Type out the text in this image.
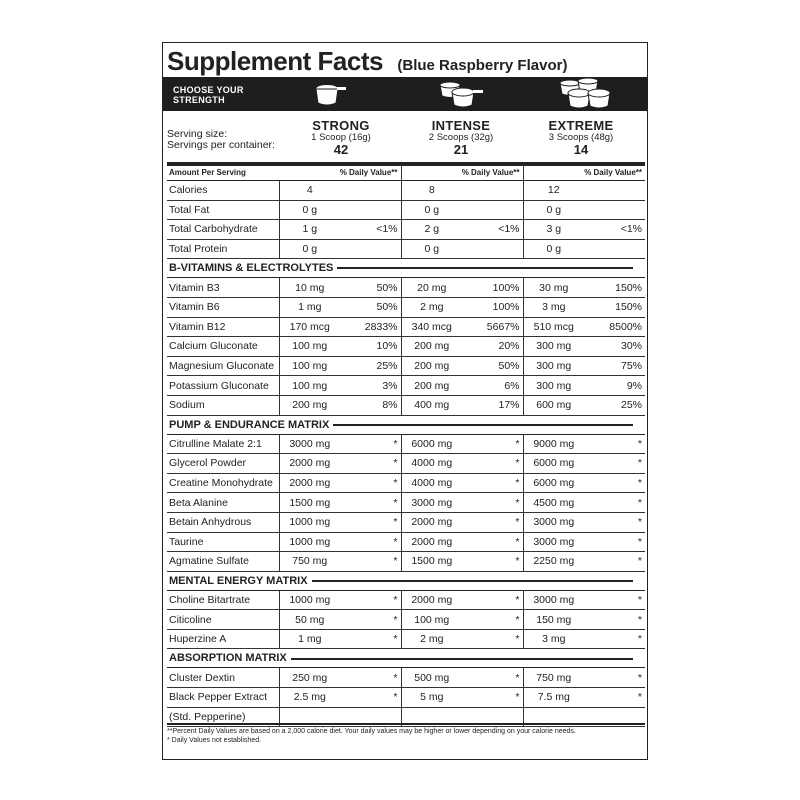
Supplement Facts (Blue Raspberry Flavor)
CHOOSE YOUR
STRENGTH
Serving size:
Servings per container:
STRONG
1 Scoop (16g)
42
INTENSE
2 Scoops (32g)
21
EXTREME
3 Scoops (48g)
14
Amount Per Serving	% Daily Value**		% Daily Value**		% Daily Value**	
Calories	4		8		12	
Total Fat	0 g		0 g		0 g	
Total Carbohydrate	1 g	<1%	2 g	<1%	3 g	<1%
Total Protein	0 g		0 g		0 g	
B-VITAMINS & ELECTROLYTES						
Vitamin B3	10 mg	50%	20 mg	100%	30 mg	150%
Vitamin B6	1 mg	50%	2 mg	100%	3 mg	150%
Vitamin B12	170 mcg	2833%	340 mcg	5667%	510 mcg	8500%
Calcium Gluconate	100 mg	10%	200 mg	20%	300 mg	30%
Magnesium Gluconate	100 mg	25%	200 mg	50%	300 mg	75%
Potassium Gluconate	100 mg	3%	200 mg	6%	300 mg	9%
Sodium	200 mg	8%	400 mg	17%	600 mg	25%
PUMP & ENDURANCE MATRIX						
Citrulline Malate 2:1	3000 mg	*	6000 mg	*	9000 mg	*
Glycerol Powder	2000 mg	*	4000 mg	*	6000 mg	*
Creatine Monohydrate	2000 mg	*	4000 mg	*	6000 mg	*
Beta Alanine	1500 mg	*	3000 mg	*	4500 mg	*
Betain Anhydrous	1000 mg	*	2000 mg	*	3000 mg	*
Taurine	1000 mg	*	2000 mg	*	3000 mg	*
Agmatine Sulfate	750 mg	*	1500 mg	*	2250 mg	*
MENTAL ENERGY MATRIX						
Choline Bitartrate	1000 mg	*	2000 mg	*	3000 mg	*
Citicoline	50 mg	*	100 mg	*	150 mg	*
Huperzine A	1 mg	*	2 mg	*	3 mg	*
ABSORPTION MATRIX						
Cluster Dextin	250 mg	*	500 mg	*	750 mg	*
Black Pepper Extract	2.5 mg	*	5 mg	*	7.5 mg	*
(Std. Pepperine)						
**Percent Daily Values are based on a 2,000 calorie diet. Your daily values may be higher or lower depending on your calorie needs.
* Daily Values not established.
